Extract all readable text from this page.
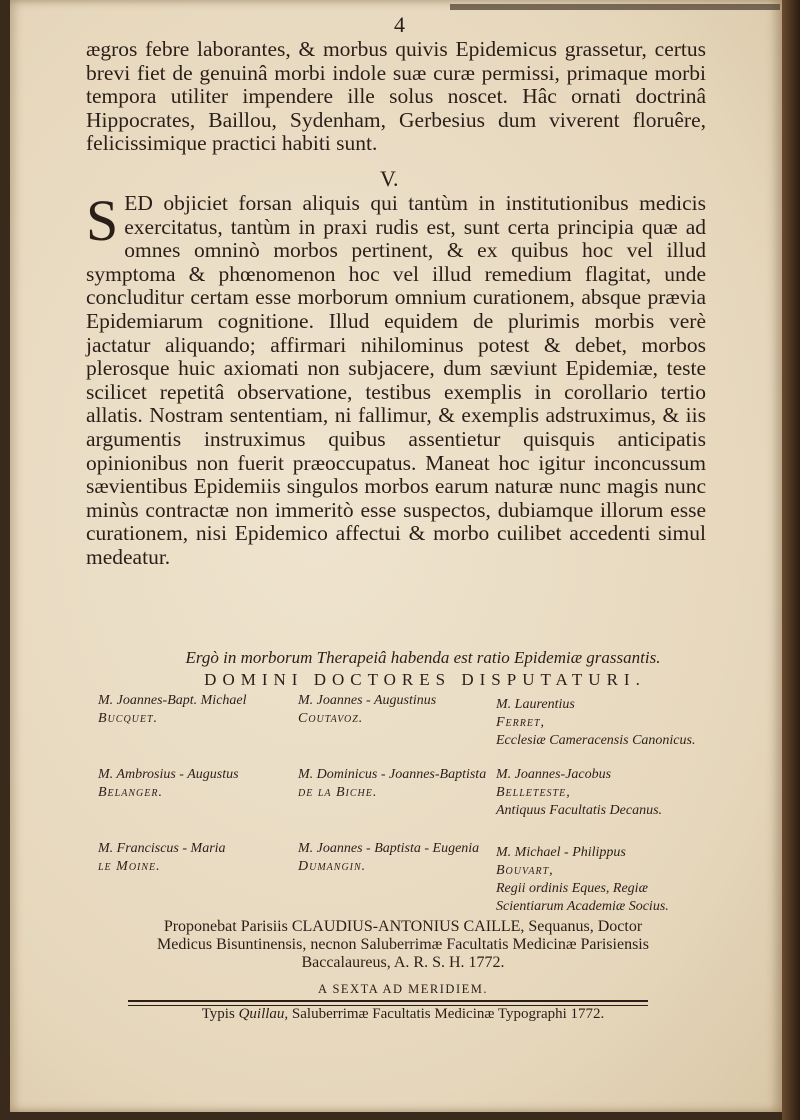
4

ægros febre laborantes, & morbus quivis Epidemicus grassetur, certus brevi fiet de genuinâ morbi indole suæ curæ permissi, primaque morbi tempora utiliter impendere ille solus noscet. Hâc ornati doctrinâ Hippocrates, Baillou, Sydenham, Gerbesius dum viverent floruêre, felicissimique practici habiti sunt.

V.

SED objiciet forsan aliquis qui tantùm in institutionibus medicis exercitatus, tantùm in praxi rudis est, sunt certa principia quæ ad omnes omninò morbos pertinent, & ex quibus hoc vel illud symptoma & phœnomenon hoc vel illud remedium flagitat, unde concluditur certam esse morborum omnium curationem, absque prævia Epidemiarum cognitione. Illud equidem de plurimis morbis verè jactatur aliquando; affirmari nihilominus potest & debet, morbos plerosque huic axiomati non subjacere, dum sæviunt Epidemiæ, teste scilicet repetitâ observatione, testibus exemplis in corollario tertio allatis. Nostram sententiam, ni fallimur, & exemplis adstruximus, & iis argumentis instruximus quibus assentietur quisquis anticipatis opinionibus non fuerit præoccupatus. Maneat hoc igitur inconcussum sævientibus Epidemiis singulos morbos earum naturæ nunc magis nunc minùs contractæ non immeritò esse suspectos, dubiamque illorum esse curationem, nisi Epidemico affectui & morbo cuilibet accedenti simul medeatur.

Ergò in morborum Therapeiâ habenda est ratio Epidemiæ grassantis.
DOMINI DOCTORES DISPUTATURI.
M. Joannes-Bapt. Michael
Bucquet.
M. Joannes - Augustinus
Coutavoz.
M. Laurentius
Ferret,
Ecclesiæ Cameracensis Canonicus.
M. Ambrosius - Augustus
Belanger.
M. Dominicus - Joannes-Baptista
de la Biche.
M. Joannes-Jacobus
Belleteste,
Antiquus Facultatis Decanus.
M. Franciscus - Maria
le Moine.
M. Joannes - Baptista - Eugenia
Dumangin.
M. Michael - Philippus
Bouvart,
Regii ordinis Eques, Regiæ Scientiarum Academiæ Socius.
Proponebat Parisiis CLAUDIUS-ANTONIUS CAILLE, Sequanus, Doctor
Medicus Bisuntinensis, necnon Saluberrimæ Facultatis Medicinæ Parisiensis
Baccalaureus, A. R. S. H. 1772.
A SEXTA AD MERIDIEM.
Typis Quillau, Saluberrimæ Facultatis Medicinæ Typographi 1772.
